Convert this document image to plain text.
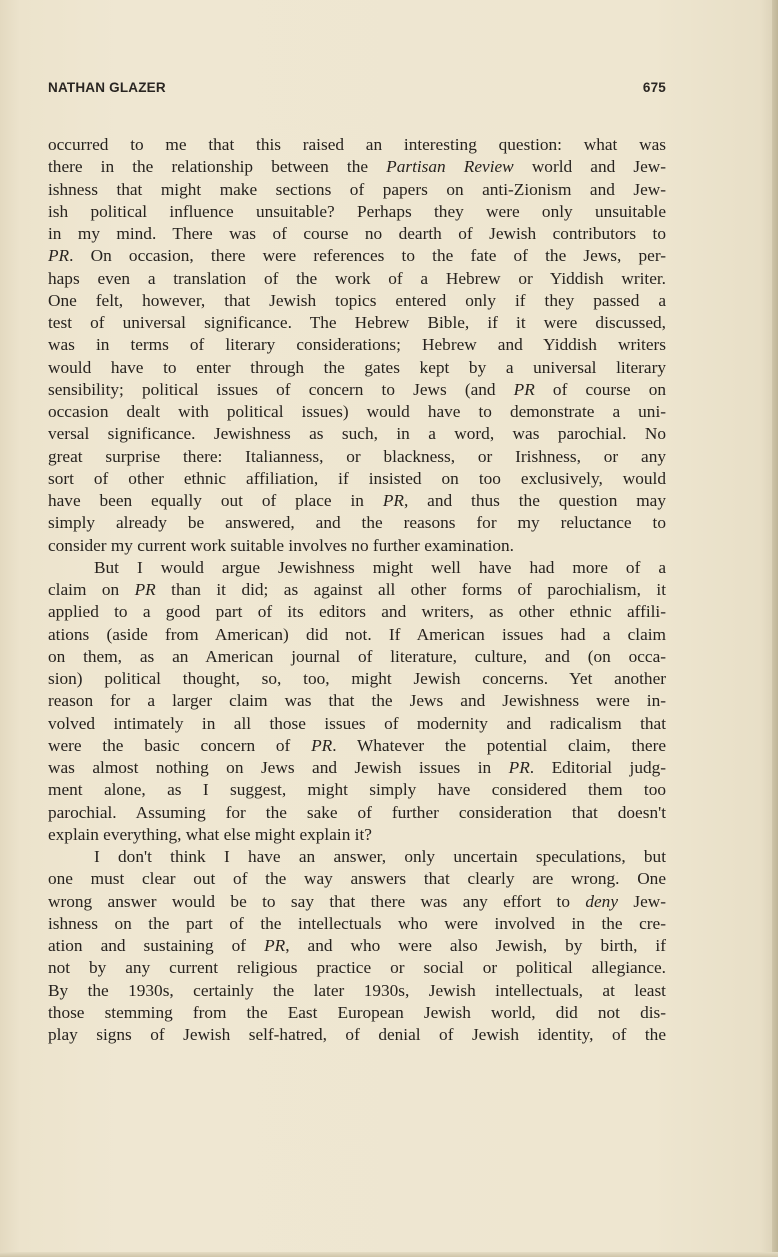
NATHAN GLAZER	675
occurred to me that this raised an interesting question: what was
there in the relationship between the Partisan Review world and Jew-
ishness that might make sections of papers on anti-Zionism and Jew-
ish political influence unsuitable? Perhaps they were only unsuitable
in my mind. There was of course no dearth of Jewish contributors to
PR. On occasion, there were references to the fate of the Jews, per-
haps even a translation of the work of a Hebrew or Yiddish writer.
One felt, however, that Jewish topics entered only if they passed a
test of universal significance. The Hebrew Bible, if it were discussed,
was in terms of literary considerations; Hebrew and Yiddish writers
would have to enter through the gates kept by a universal literary
sensibility; political issues of concern to Jews (and PR of course on
occasion dealt with political issues) would have to demonstrate a uni-
versal significance. Jewishness as such, in a word, was parochial. No
great surprise there: Italianness, or blackness, or Irishness, or any
sort of other ethnic affiliation, if insisted on too exclusively, would
have been equally out of place in PR, and thus the question may
simply already be answered, and the reasons for my reluctance to
consider my current work suitable involves no further examination.
But I would argue Jewishness might well have had more of a
claim on PR than it did; as against all other forms of parochialism, it
applied to a good part of its editors and writers, as other ethnic affili-
ations (aside from American) did not. If American issues had a claim
on them, as an American journal of literature, culture, and (on occa-
sion) political thought, so, too, might Jewish concerns. Yet another
reason for a larger claim was that the Jews and Jewishness were in-
volved intimately in all those issues of modernity and radicalism that
were the basic concern of PR. Whatever the potential claim, there
was almost nothing on Jews and Jewish issues in PR. Editorial judg-
ment alone, as I suggest, might simply have considered them too
parochial. Assuming for the sake of further consideration that doesn't
explain everything, what else might explain it?
I don't think I have an answer, only uncertain speculations, but
one must clear out of the way answers that clearly are wrong. One
wrong answer would be to say that there was any effort to deny Jew-
ishness on the part of the intellectuals who were involved in the cre-
ation and sustaining of PR, and who were also Jewish, by birth, if
not by any current religious practice or social or political allegiance.
By the 1930s, certainly the later 1930s, Jewish intellectuals, at least
those stemming from the East European Jewish world, did not dis-
play signs of Jewish self-hatred, of denial of Jewish identity, of the
